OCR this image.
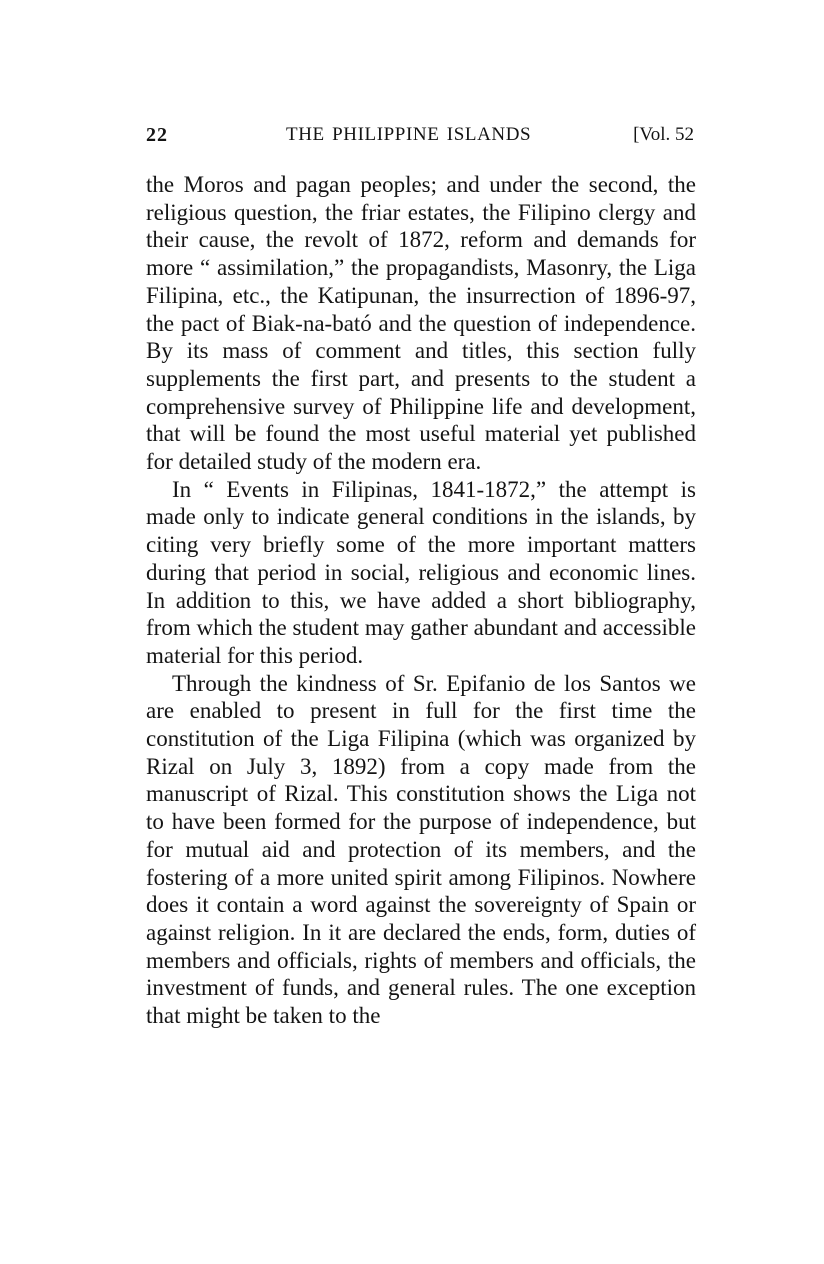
22	THE PHILIPPINE ISLANDS	[Vol. 52

the Moros and pagan peoples; and under the second, the religious question, the friar estates, the Filipino clergy and their cause, the revolt of 1872, reform and demands for more “ assimilation,” the propagandists, Masonry, the Liga Filipina, etc., the Katipunan, the insurrection of 1896-97, the pact of Biak-na-bató and the question of independence. By its mass of comment and titles, this section fully supplements the first part, and presents to the student a comprehensive survey of Philippine life and development, that will be found the most useful material yet published for detailed study of the modern era.

In “ Events in Filipinas, 1841-1872,” the attempt is made only to indicate general conditions in the islands, by citing very briefly some of the more important matters during that period in social, religious and economic lines. In addition to this, we have added a short bibliography, from which the student may gather abundant and accessible material for this period.

Through the kindness of Sr. Epifanio de los Santos we are enabled to present in full for the first time the constitution of the Liga Filipina (which was organized by Rizal on July 3, 1892) from a copy made from the manuscript of Rizal. This constitution shows the Liga not to have been formed for the purpose of independence, but for mutual aid and protection of its members, and the fostering of a more united spirit among Filipinos. Nowhere does it contain a word against the sovereignty of Spain or against religion. In it are declared the ends, form, duties of members and officials, rights of members and officials, the investment of funds, and general rules. The one exception that might be taken to the
